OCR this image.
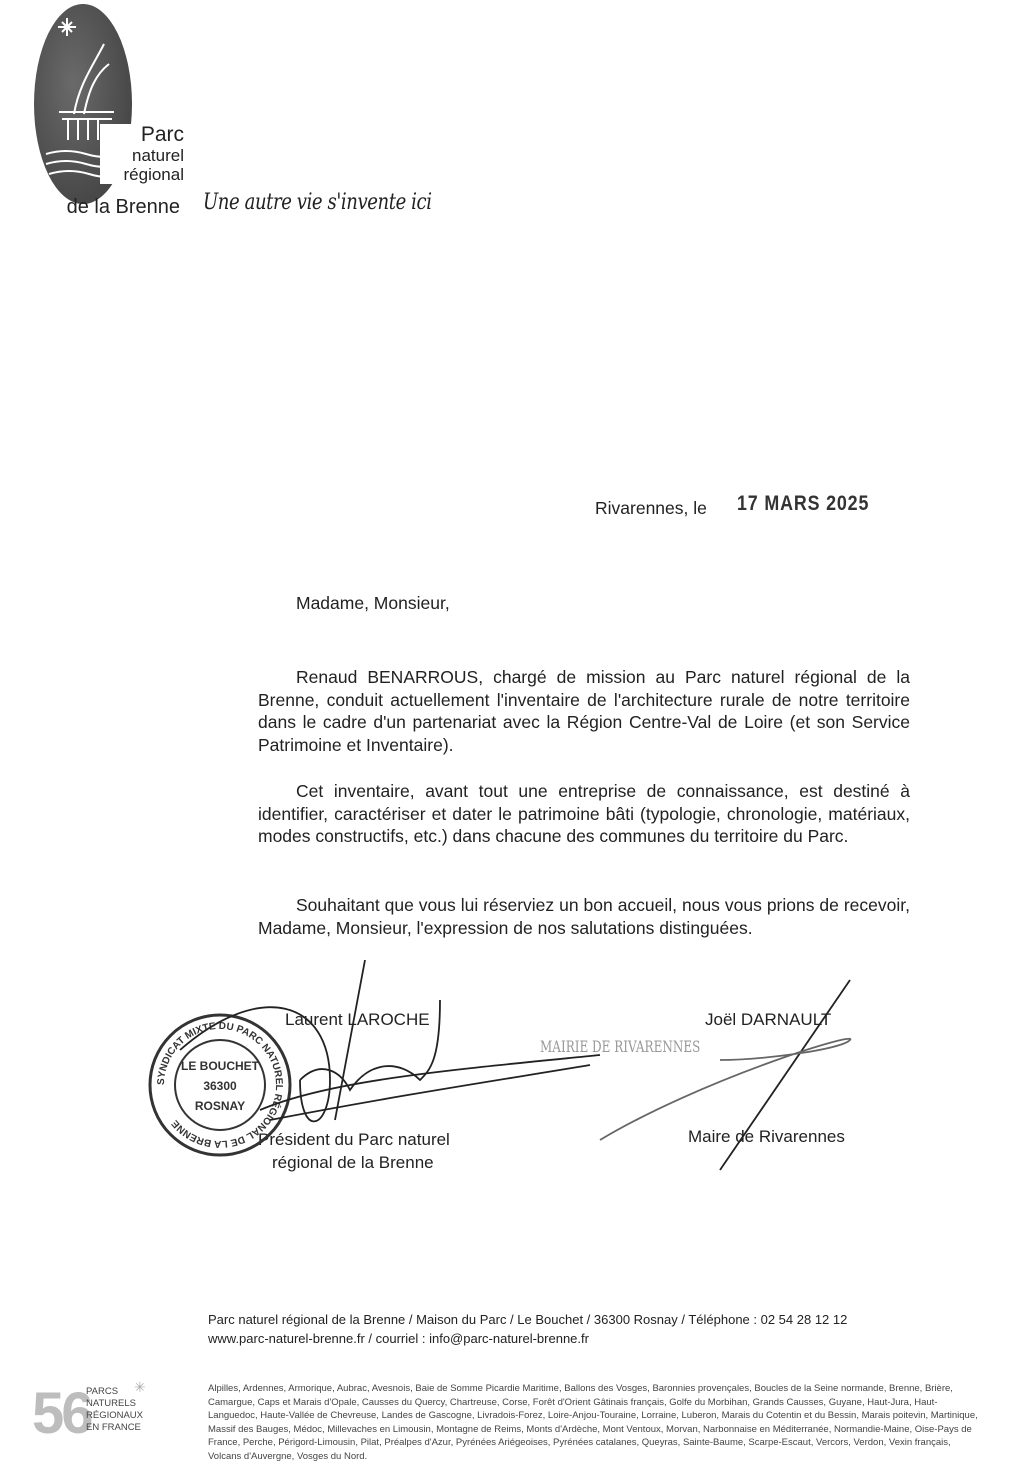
Parc
naturel
régional
de la Brenne Une autre vie s'invente ici
Rivarennes, le 17 MARS 2025
Madame, Monsieur,
Renaud BENARROUS, chargé de mission au Parc naturel régional de la Brenne, conduit actuellement l'inventaire de l'architecture rurale de notre territoire dans le cadre d'un partenariat avec la Région Centre-Val de Loire (et son Service Patrimoine et Inventaire).
Cet inventaire, avant tout une entreprise de connaissance, est destiné à identifier, caractériser et dater le patrimoine bâti (typologie, chronologie, matériaux, modes constructifs, etc.) dans chacune des communes du territoire du Parc.
Souhaitant que vous lui réserviez un bon accueil, nous vous prions de recevoir, Madame, Monsieur, l'expression de nos salutations distinguées.
Laurent LAROCHE
Président du Parc naturel
régional de la Brenne
Joël DARNAULT
Maire de Rivarennes
SYNDICAT MIXTE DU PARC NATUREL RÉGIONAL DE LA BRENNE
LE BOUCHET
36300
ROSNAY
MAIRIE DE RIVARENNES
Parc naturel régional de la Brenne / Maison du Parc / Le Bouchet / 36300 Rosnay / Téléphone : 02 54 28 12 12
www.parc-naturel-brenne.fr / courriel : info@parc-naturel-brenne.fr
Alpilles, Ardennes, Armorique, Aubrac, Avesnois, Baie de Somme Picardie Maritime, Ballons des Vosges, Baronnies provençales, Boucles de la Seine normande, Brenne, Brière, Camargue, Caps et Marais d'Opale, Causses du Quercy, Chartreuse, Corse, Forêt d'Orient Gâtinais français, Golfe du Morbihan, Grands Causses, Guyane, Haut-Jura, Haut-Languedoc, Haute-Vallée de Chevreuse, Landes de Gascogne, Livradois-Forez, Loire-Anjou-Touraine, Lorraine, Luberon, Marais du Cotentin et du Bessin, Marais poitevin, Martinique, Massif des Bauges, Médoc, Millevaches en Limousin, Montagne de Reims, Monts d'Ardèche, Mont Ventoux, Morvan, Narbonnaise en Méditerranée, Normandie-Maine, Oise-Pays de France, Perche, Périgord-Limousin, Pilat, Préalpes d'Azur, Pyrénées Ariégeoises, Pyrénées catalanes, Queyras, Sainte-Baume, Scarpe-Escaut, Vercors, Verdon, Vexin français, Volcans d'Auvergne, Vosges du Nord.
56
PARCS
NATURELS
RÉGIONAUX
EN FRANCE
✳
